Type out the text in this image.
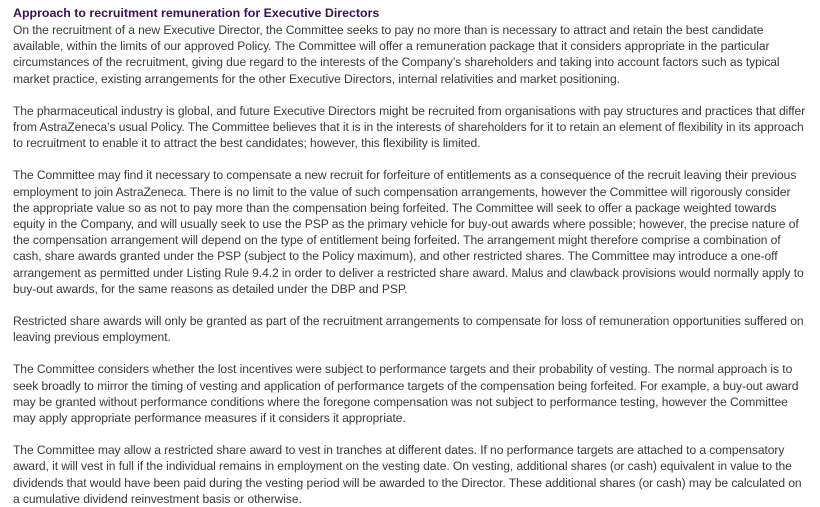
Approach to recruitment remuneration for Executive Directors

On the recruitment of a new Executive Director, the Committee seeks to pay no more than is necessary to attract and retain the best candidate available, within the limits of our approved Policy. The Committee will offer a remuneration package that it considers appropriate in the particular circumstances of the recruitment, giving due regard to the interests of the Company’s shareholders and taking into account factors such as typical market practice, existing arrangements for the other Executive Directors, internal relativities and market positioning.

The pharmaceutical industry is global, and future Executive Directors might be recruited from organisations with pay structures and practices that differ from AstraZeneca’s usual Policy. The Committee believes that it is in the interests of shareholders for it to retain an element of flexibility in its approach to recruitment to enable it to attract the best candidates; however, this flexibility is limited.

The Committee may find it necessary to compensate a new recruit for forfeiture of entitlements as a consequence of the recruit leaving their previous employment to join AstraZeneca. There is no limit to the value of such compensation arrangements, however the Committee will rigorously consider the appropriate value so as not to pay more than the compensation being forfeited. The Committee will seek to offer a package weighted towards equity in the Company, and will usually seek to use the PSP as the primary vehicle for buy-out awards where possible; however, the precise nature of the compensation arrangement will depend on the type of entitlement being forfeited. The arrangement might therefore comprise a combination of cash, share awards granted under the PSP (subject to the Policy maximum), and other restricted shares. The Committee may introduce a one-off arrangement as permitted under Listing Rule 9.4.2 in order to deliver a restricted share award. Malus and clawback provisions would normally apply to buy-out awards, for the same reasons as detailed under the DBP and PSP.

Restricted share awards will only be granted as part of the recruitment arrangements to compensate for loss of remuneration opportunities suffered on leaving previous employment.

The Committee considers whether the lost incentives were subject to performance targets and their probability of vesting. The normal approach is to seek broadly to mirror the timing of vesting and application of performance targets of the compensation being forfeited. For example, a buy-out award may be granted without performance conditions where the foregone compensation was not subject to performance testing, however the Committee may apply appropriate performance measures if it considers it appropriate.

The Committee may allow a restricted share award to vest in tranches at different dates. If no performance targets are attached to a compensatory award, it will vest in full if the individual remains in employment on the vesting date. On vesting, additional shares (or cash) equivalent in value to the dividends that would have been paid during the vesting period will be awarded to the Director. These additional shares (or cash) may be calculated on a cumulative dividend reinvestment basis or otherwise.
